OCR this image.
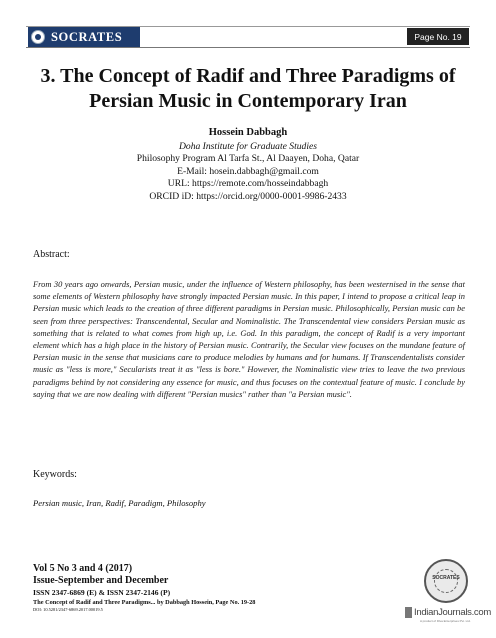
SOCRATES	Page No. 19
3. The Concept of Radif and Three Paradigms of Persian Music in Contemporary Iran
Hossein Dabbagh
Doha Institute for Graduate Studies
Philosophy Program Al Tarfa St., Al Daayen, Doha, Qatar
E-Mail: hosein.dabbagh@gmail.com
URL: https://remote.com/hosseindabbagh
ORCID iD: https://orcid.org/0000-0001-9986-2433
Abstract:

From 30 years ago onwards, Persian music, under the influence of Western philosophy, has been westernised in the sense that some elements of Western philosophy have strongly impacted Persian music. In this paper, I intend to propose a critical leap in Persian music which leads to the creation of three different paradigms in Persian music. Philosophically, Persian music can be seen from three perspectives: Transcendental, Secular and Nominalistic. The Transcendental view considers Persian music as something that is related to what comes from high up, i.e. God. In this paradigm, the concept of Radif is a very important element which has a high place in the history of Persian music. Contrarily, the Secular view focuses on the mundane feature of Persian music in the sense that musicians care to produce melodies by humans and for humans. If Transcendentalists consider music as "less is more," Secularists treat it as "less is bore." However, the Nominalistic view tries to leave the two previous paradigms behind by not considering any essence for music, and thus focuses on the contextual feature of music. I conclude by saying that we are now dealing with different "Persian musics" rather than "a Persian music".

Keywords:
Persian music, Iran, Radif, Paradigm, Philosophy
Vol 5 No 3 and 4 (2017)
Issue-September and December
ISSN 2347-6869 (E) & ISSN 2347-2146 (P)
The Concept of Radif and Three Paradigms... by Dabbagh Hossein, Page No. 19-28
DOI: 10.5281/2347-6869.2017.00019.5
SOCRATES
IndianJournals.com
A product of Diva Enterprises Pvt. Ltd.
